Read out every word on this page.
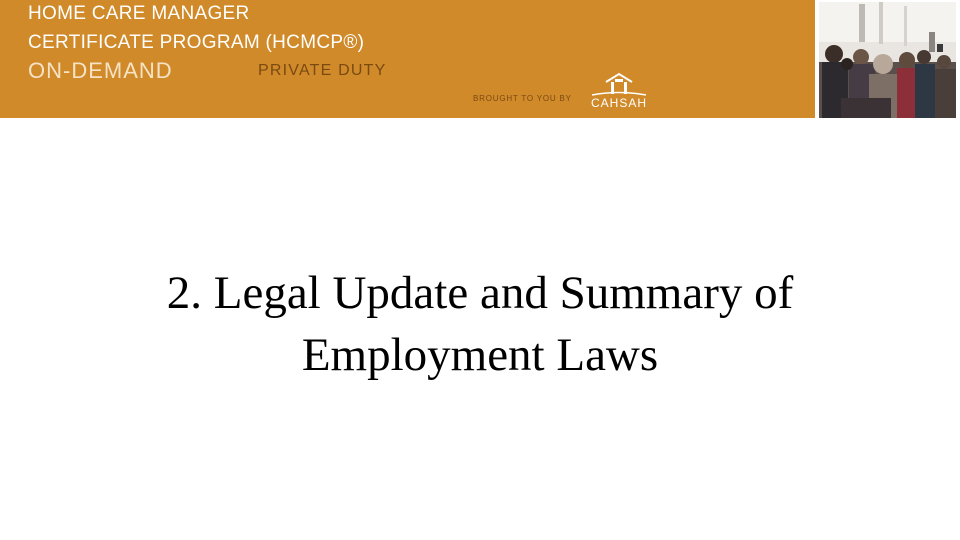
HOME CARE MANAGER
CERTIFICATE PROGRAM (HCMCP®)
ON-DEMAND	PRIVATE DUTY
BROUGHT TO YOU BY CAHSAH
2. Legal Update and Summary of
Employment Laws
